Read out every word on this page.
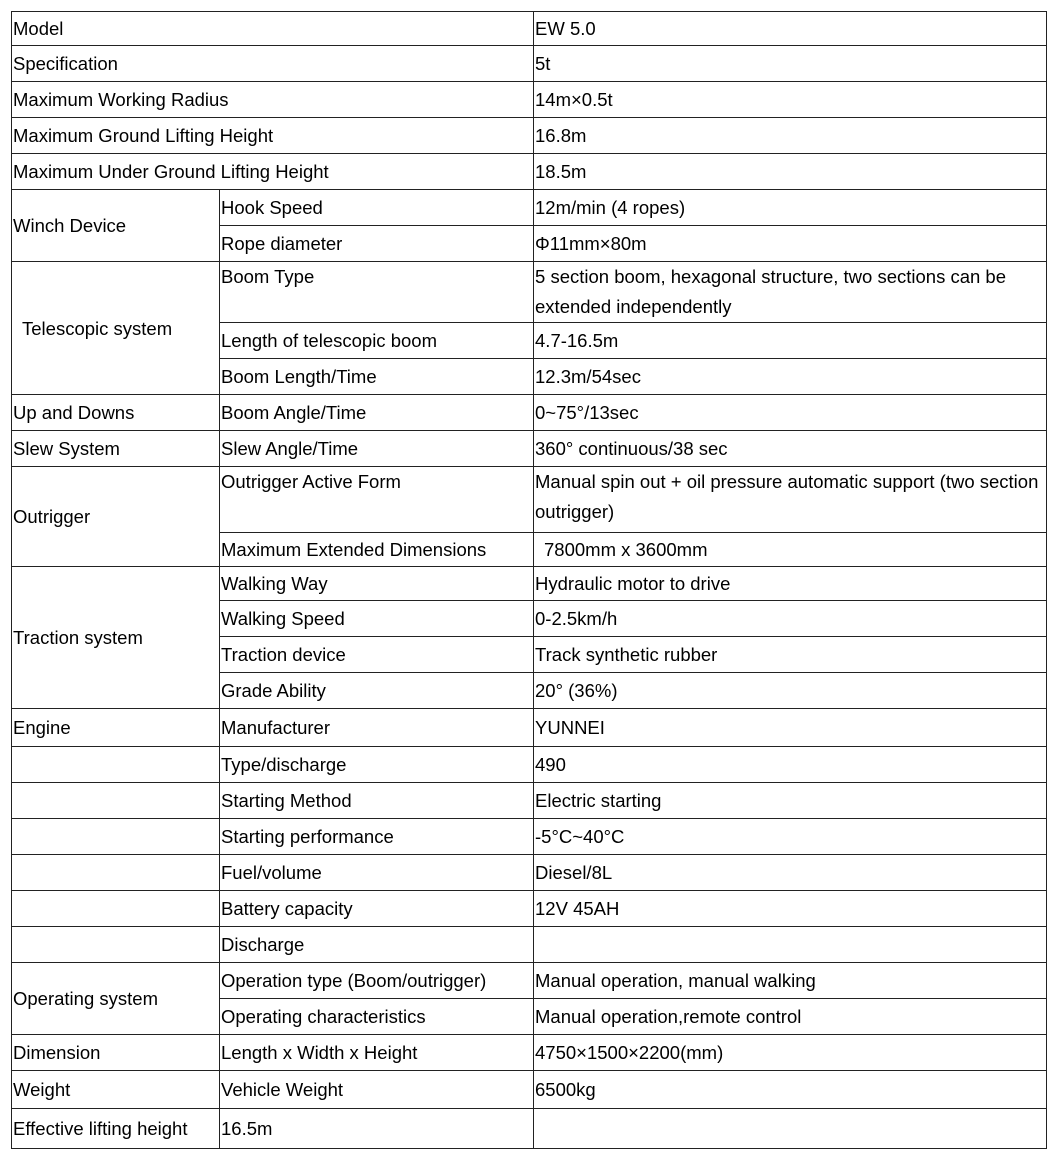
Model		EW 5.0
Specification		5t
Maximum Working Radius		14m×0.5t
Maximum Ground Lifting Height		16.8m
Maximum Under Ground Lifting Height		18.5m
Winch Device	Hook Speed	12m/min (4 ropes)
	Rope diameter	Φ11mm×80m
Telescopic system	Boom Type	5 section boom, hexagonal structure, two sections can be extended independently
	Length of telescopic boom	4.7-16.5m
	Boom Length/Time	12.3m/54sec
Up and Downs	Boom Angle/Time	0~75°/13sec
Slew System	Slew Angle/Time	360° continuous/38 sec
Outrigger	Outrigger Active Form	Manual spin out + oil pressure automatic support (two section outrigger)
	Maximum Extended Dimensions	7800mm x 3600mm
Traction system	Walking Way	Hydraulic motor to drive
	Walking Speed	0-2.5km/h
	Traction device	Track synthetic rubber
	Grade Ability	20° (36%)
Engine	Manufacturer	YUNNEI
	Type/discharge	490
	Starting Method	Electric starting
	Starting performance	-5°C~40°C
	Fuel/volume	Diesel/8L
	Battery capacity	12V 45AH
	Discharge	
Operating system	Operation type (Boom/outrigger)	Manual operation, manual walking
	Operating characteristics	Manual operation,remote control
Dimension	Length x Width x Height	4750×1500×2200(mm)
Weight	Vehicle Weight	6500kg
Effective lifting height	16.5m	
